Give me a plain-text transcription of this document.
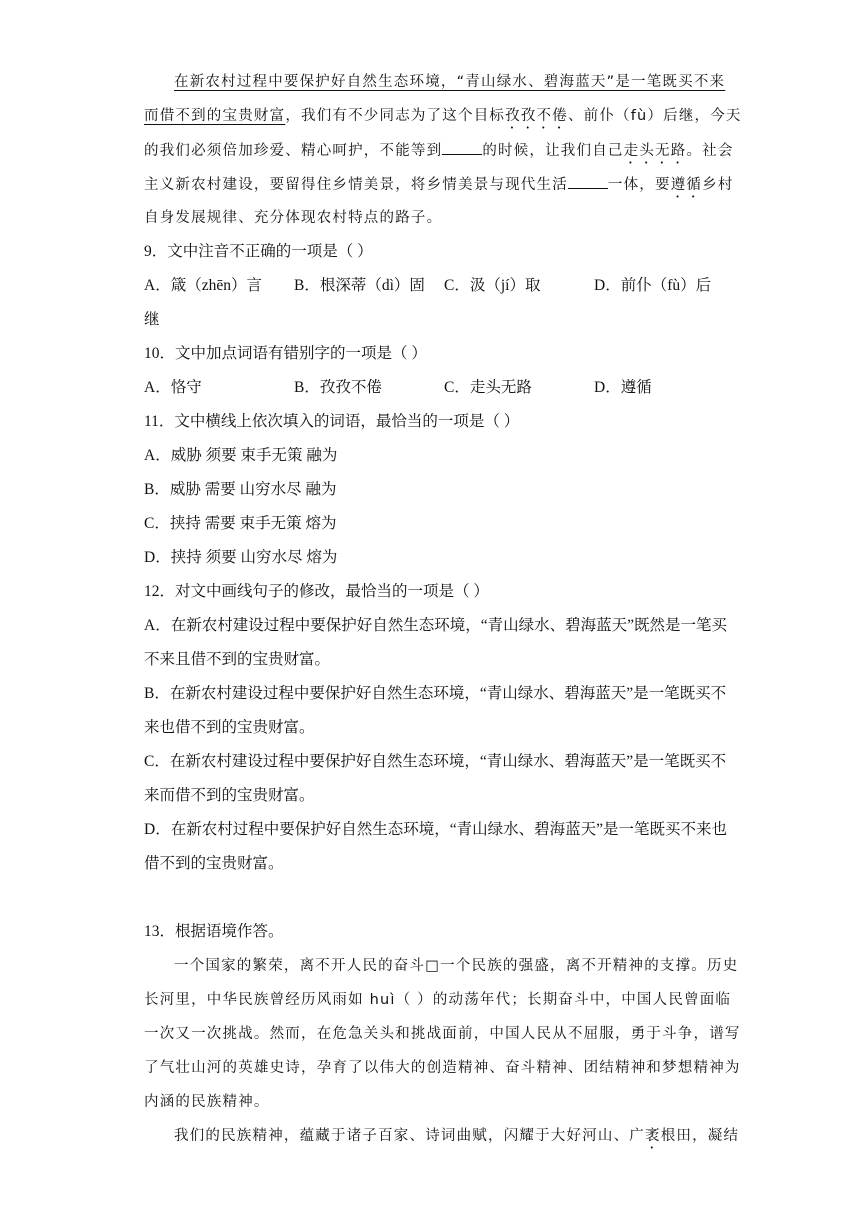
在新农村过程中要保护好自然生态环境，“青山绿水、碧海蓝天”是一笔既买不来
而借不到的宝贵财富，我们有不少同志为了这个目标孜孜不倦、前仆（fù）后继，今天
的我们必须倍加珍爱、精心呵护，不能等到	的时候，让我们自己走头无路。社会
主义新农村建设，要留得住乡情美景，将乡情美景与现代生活	一体，要遵循乡村
自身发展规律、充分体现农村特点的路子。
9．文中注音不正确的一项是（ ）
A．箴（zhēn）言 B．根深蒂（dì）固 C．汲（jí）取	D．前仆（fù）后
继
10．文中加点词语有错别字的一项是（ ）
A．恪守	B．孜孜不倦	C．走头无路	D．遵循
11．文中横线上依次填入的词语，最恰当的一项是（ ）
A．威胁 须要 束手无策 融为
B．威胁 需要 山穷水尽 融为
C．挟持 需要 束手无策 熔为
D．挟持 须要 山穷水尽 熔为
12．对文中画线句子的修改，最恰当的一项是（ ）
A．在新农村建设过程中要保护好自然生态环境，“青山绿水、碧海蓝天”既然是一笔买
不来且借不到的宝贵财富。
B．在新农村建设过程中要保护好自然生态环境，“青山绿水、碧海蓝天”是一笔既买不
来也借不到的宝贵财富。
C．在新农村建设过程中要保护好自然生态环境，“青山绿水、碧海蓝天”是一笔既买不
来而借不到的宝贵财富。
D．在新农村过程中要保护好自然生态环境，“青山绿水、碧海蓝天”是一笔既买不来也
借不到的宝贵财富。
13．根据语境作答。
一个国家的繁荣，离不开人民的奋斗□一个民族的强盛，离不开精神的支撑。历史
长河里，中华民族曾经历风雨如 huì（ ）的动荡年代；长期奋斗中，中国人民曾面临
一次又一次挑战。然而，在危急关头和挑战面前，中国人民从不屈服，勇于斗争，谱写
了气壮山河的英雄史诗，孕育了以伟大的创造精神、奋斗精神、团结精神和梦想精神为
内涵的民族精神。
我们的民族精神，蕴藏于诸子百家、诗词曲赋，闪耀于大好河山、广袤根田，凝结
